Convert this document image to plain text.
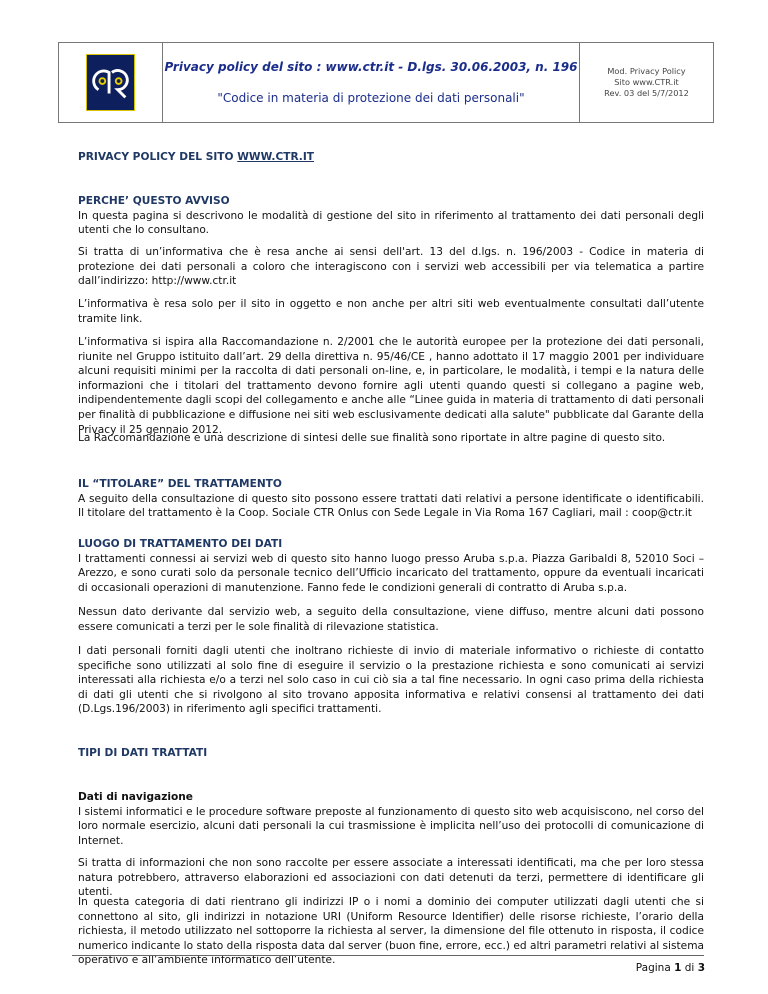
Privacy policy del sito : www.ctr.it - D.lgs. 30.06.2003, n. 196
"Codice in materia di protezione dei dati personali"
Mod. Privacy Policy
Sito www.CTR.it
Rev. 03 del 5/7/2012
PRIVACY POLICY DEL SITO WWW.CTR.IT
PERCHE’ QUESTO AVVISO
In questa pagina si descrivono le modalità di gestione del sito in riferimento al trattamento dei dati personali degli utenti che lo consultano.
Si tratta di un’informativa che è resa anche ai sensi dell'art. 13 del d.lgs. n. 196/2003 - Codice in materia di protezione dei dati personali a coloro che interagiscono con i servizi web accessibili per via telematica a partire dall’indirizzo: http://www.ctr.it
L’informativa è resa solo per il sito in oggetto e non anche per altri siti web eventualmente consultati dall’utente tramite link.
L’informativa si ispira alla Raccomandazione n. 2/2001 che le autorità europee per la protezione dei dati personali, riunite nel Gruppo istituito dall’art. 29 della direttiva n. 95/46/CE , hanno adottato il 17 maggio 2001 per individuare alcuni requisiti minimi per la raccolta di dati personali on-line, e, in particolare, le modalità, i tempi e la natura delle informazioni che i titolari del trattamento devono fornire agli utenti quando questi si collegano a pagine web, indipendentemente dagli scopi del collegamento e anche alle “Linee guida in materia di trattamento di dati personali per finalità di pubblicazione e diffusione nei siti web esclusivamente dedicati alla salute" pubblicate dal Garante della Privacy il 25 gennaio 2012.
La Raccomandazione e una descrizione di sintesi delle sue finalità sono riportate in altre pagine di questo sito.
IL “TITOLARE” DEL TRATTAMENTO
A seguito della consultazione di questo sito possono essere trattati dati relativi a persone identificate o identificabili. Il titolare del trattamento è la Coop. Sociale CTR Onlus con Sede Legale in Via Roma 167 Cagliari, mail : coop@ctr.it
LUOGO DI TRATTAMENTO DEI DATI
I trattamenti connessi ai servizi web di questo sito hanno luogo presso Aruba s.p.a. Piazza Garibaldi 8, 52010 Soci – Arezzo, e sono curati solo da personale tecnico dell’Ufficio incaricato del trattamento, oppure da eventuali incaricati di occasionali operazioni di manutenzione. Fanno fede le condizioni generali di contratto di Aruba s.p.a.
Nessun dato derivante dal servizio web, a seguito della consultazione, viene diffuso, mentre alcuni dati possono essere comunicati a terzi per le sole finalità di rilevazione statistica.
I dati personali forniti dagli utenti che inoltrano richieste di invio di materiale informativo o richieste di contatto specifiche sono utilizzati al solo fine di eseguire il servizio o la prestazione richiesta e sono comunicati ai servizi interessati alla richiesta e/o a terzi nel solo caso in cui ciò sia a tal fine necessario. In ogni caso prima della richiesta di dati gli utenti che si rivolgono al sito trovano apposita informativa e relativi consensi al trattamento dei dati (D.Lgs.196/2003) in riferimento agli specifici trattamenti.
TIPI DI DATI TRATTATI
Dati di navigazione
I sistemi informatici e le procedure software preposte al funzionamento di questo sito web acquisiscono, nel corso del loro normale esercizio, alcuni dati personali la cui trasmissione è implicita nell’uso dei protocolli di comunicazione di Internet.
Si tratta di informazioni che non sono raccolte per essere associate a interessati identificati, ma che per loro stessa natura potrebbero, attraverso elaborazioni ed associazioni con dati detenuti da terzi, permettere di identificare gli utenti.
In questa categoria di dati rientrano gli indirizzi IP o i nomi a dominio dei computer utilizzati dagli utenti che si connettono al sito, gli indirizzi in notazione URI (Uniform Resource Identifier) delle risorse richieste, l’orario della richiesta, il metodo utilizzato nel sottoporre la richiesta al server, la dimensione del file ottenuto in risposta, il codice numerico indicante lo stato della risposta data dal server (buon fine, errore, ecc.) ed altri parametri relativi al sistema operativo e all’ambiente informatico dell’utente.
Pagina 1 di 3
